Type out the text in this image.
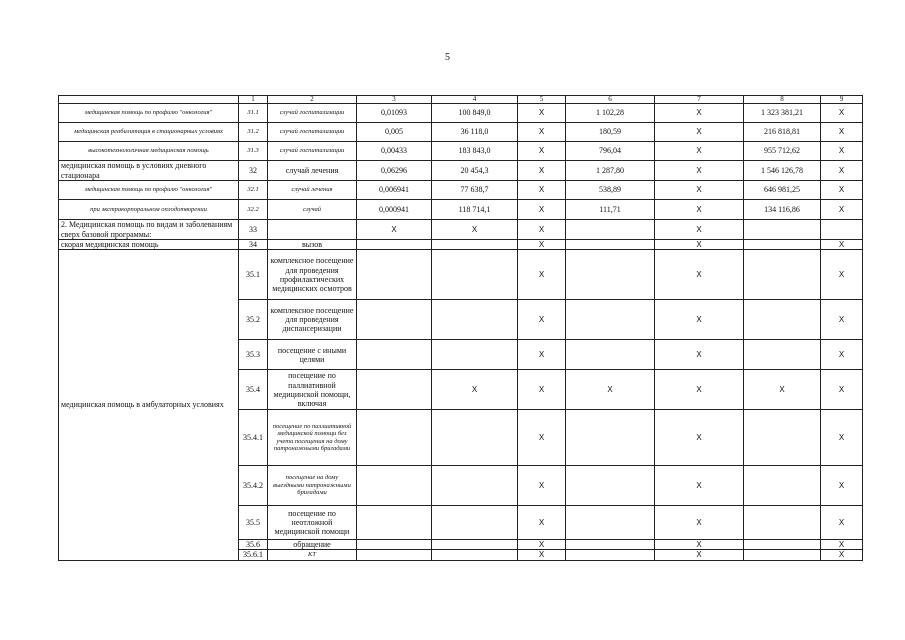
5
	1	2	3	4	5	6	7	8	9
медицинская помощь по профилю "онкология"	31.1	случай госпитализации	0,01093	100 849,0	Х	1 102,28	Х	1 323 381,21	Х
медицинская реабилитация в стационарных условиях	31.2	случай госпитализации	0,005	36 118,0	Х	180,59	Х	216 818,81	Х
высокотехнологичная медицинская помощь	31.3	случай госпитализации	0,00433	183 843,0	Х	796,04	Х	955 712,62	Х
медицинская помощь в условиях дневного стационара	32	случай лечения	0,06296	20 454,3	Х	1 287,80	Х	1 546 126,78	Х
медицинская помощь по профилю "онкология"	32.1	случай лечения	0,006941	77 638,7	Х	538,89	Х	646 981,25	Х
при экстракорпоральном оплодотворении	32.2	случай	0,000941	118 714,1	Х	111,71	Х	134 116,86	Х
2. Медицинская помощь по видам и заболеваниям сверх базовой программы:	33		Х	Х	Х		Х		
скорая медицинская помощь	34	вызов			Х		Х		Х
медицинская помощь в амбулаторных условиях	35.1	комплексное посещение для проведения профилактических медицинских осмотров			Х		Х		Х
	35.2	комплексное посещение для проведения диспансеризации			Х		Х		Х
	35.3	посещение с иными целями			Х		Х		Х
	35.4	посещение по паллиативной медицинской помощи, включая		Х	Х	Х	Х	Х	Х
	35.4.1	посещение по паллиативной медицинской помощи без учета посещения на дому патронажными бригадами			Х		Х		Х
	35.4.2	посещение на дому выездными патронажными бригадами			Х		Х		Х
	35.5	посещение по неотложной медицинской помощи			Х		Х		Х
	35.6	обращение			Х		Х		Х
	35.6.1	КТ			Х		Х		Х
